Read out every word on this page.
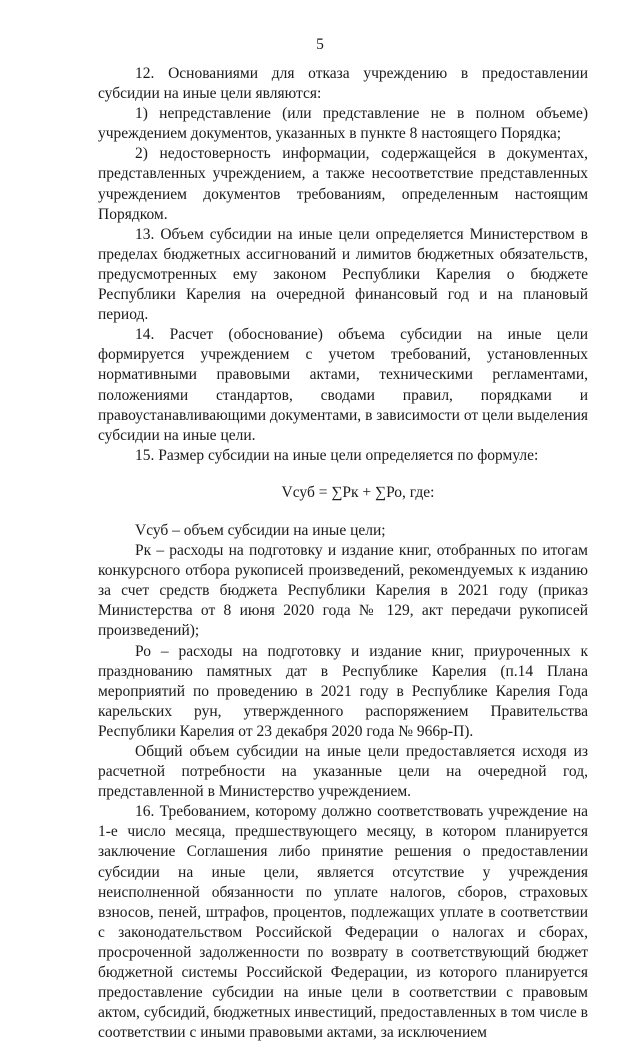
5

12. Основаниями для отказа учреждению в предоставлении субсидии на иные цели являются:

1) непредставление (или представление не в полном объеме) учреждением документов, указанных в пункте 8 настоящего Порядка;

2) недостоверность информации, содержащейся в документах, представленных учреждением, а также несоответствие представленных учреждением документов требованиям, определенным настоящим Порядком.

13. Объем субсидии на иные цели определяется Министерством в пределах бюджетных ассигнований и лимитов бюджетных обязательств, предусмотренных ему законом Республики Карелия о бюджете Республики Карелия на очередной финансовый год и на плановый период.

14. Расчет (обоснование) объема субсидии на иные цели формируется учреждением с учетом требований, установленных нормативными правовыми актами, техническими регламентами, положениями стандартов, сводами правил, порядками и правоустанавливающими документами, в зависимости от цели выделения субсидии на иные цели.

15. Размер субсидии на иные цели определяется по формуле:

Vсуб = ∑Рк + ∑Ро, где:

Vсуб – объем субсидии на иные цели;

Рк – расходы на подготовку и издание книг, отобранных по итогам конкурсного отбора рукописей произведений, рекомендуемых к изданию за счет средств бюджета Республики Карелия в 2021 году (приказ Министерства от 8 июня 2020 года № 129, акт передачи рукописей произведений);

Ро – расходы на подготовку и издание книг, приуроченных к празднованию памятных дат в Республике Карелия (п.14 Плана мероприятий по проведению в 2021 году в Республике Карелия Года карельских рун, утвержденного распоряжением Правительства Республики Карелия от 23 декабря 2020 года № 966р-П).

Общий объем субсидии на иные цели предоставляется исходя из расчетной потребности на указанные цели на очередной год, представленной в Министерство учреждением.

16. Требованием, которому должно соответствовать учреждение на 1-е число месяца, предшествующего месяцу, в котором планируется заключение Соглашения либо принятие решения о предоставлении субсидии на иные цели, является отсутствие у учреждения неисполненной обязанности по уплате налогов, сборов, страховых взносов, пеней, штрафов, процентов, подлежащих уплате в соответствии с законодательством Российской Федерации о налогах и сборах, просроченной задолженности по возврату в соответствующий бюджет бюджетной системы Российской Федерации, из которого планируется предоставление субсидии на иные цели в соответствии с правовым актом, субсидий, бюджетных инвестиций, предоставленных в том числе в соответствии с иными правовыми актами, за исключением
